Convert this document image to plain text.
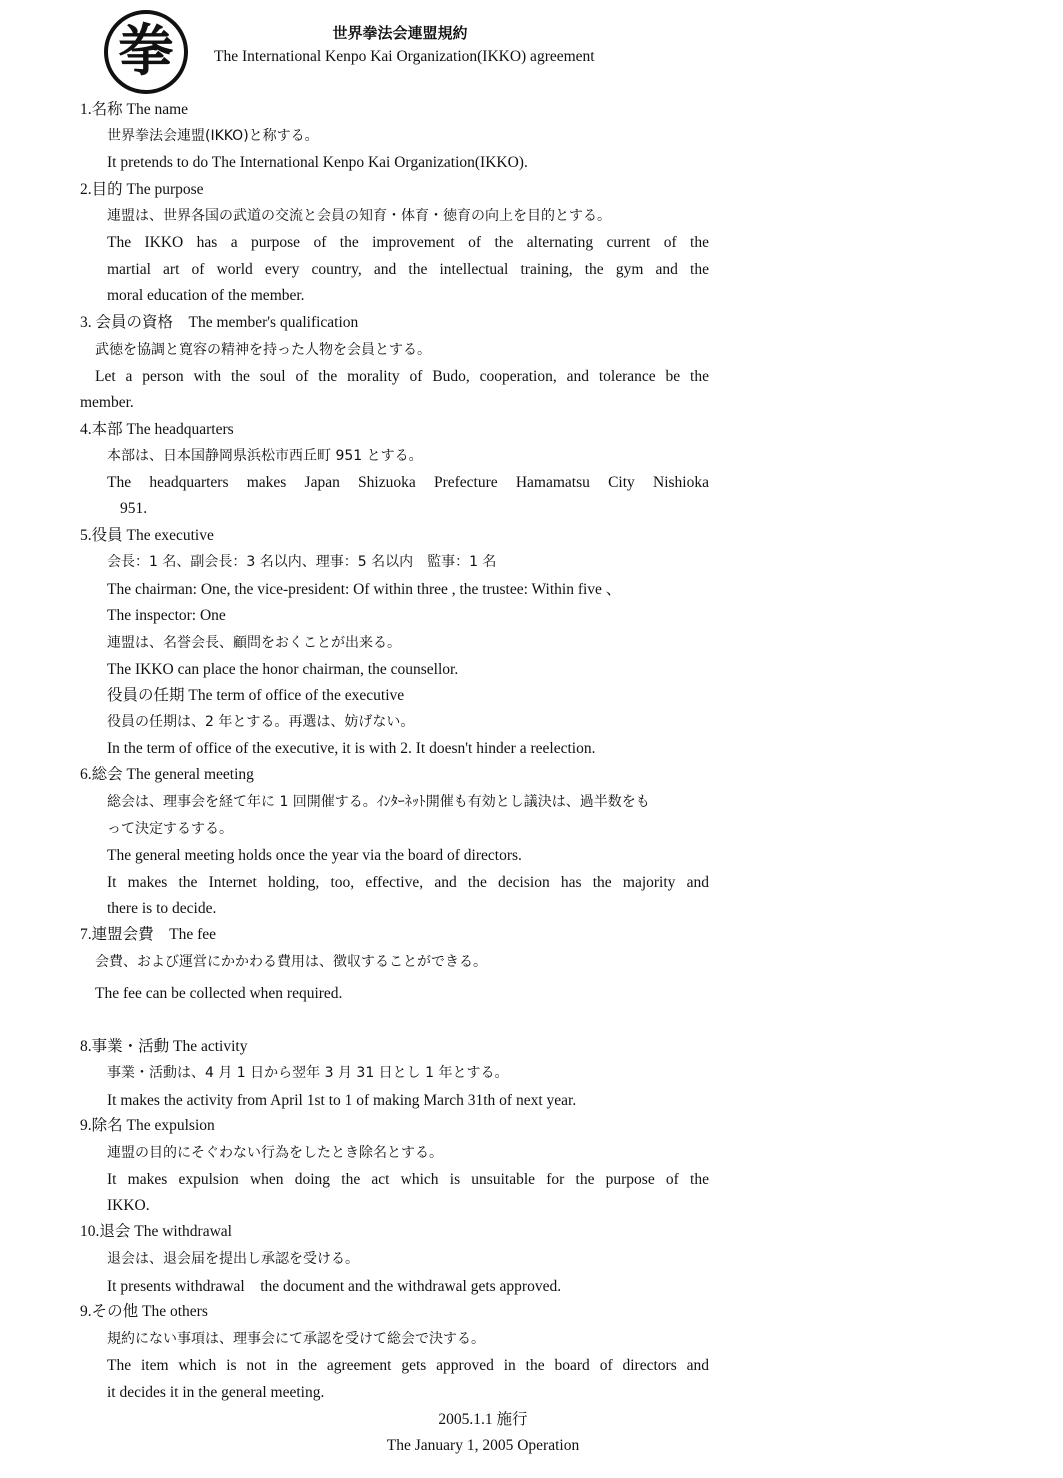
拳	世界拳法会連盟規約
The International Kenpo Kai Organization(IKKO) agreement
1.名称 The name
世界拳法会連盟(IKKO)と称する。
It pretends to do The International Kenpo Kai Organization(IKKO).
2.目的 The purpose
連盟は、世界各国の武道の交流と会員の知育・体育・徳育の向上を目的とする。
The IKKO has a purpose of the improvement of the alternating current of the
martial art of world every country, and the intellectual training, the gym and the
moral education of the member.
3. 会員の資格　The member's qualification
武徳を協調と寛容の精神を持った人物を会員とする。
Let a person with the soul of the morality of Budo, cooperation, and tolerance be the
member.
4.本部 The headquarters
本部は、日本国静岡県浜松市西丘町 951 とする。
The headquarters makes Japan Shizuoka Prefecture Hamamatsu City Nishioka
951.
5.役員 The executive
会長：1 名、副会長：3 名以内、理事：5 名以内　監事：1 名
The chairman: One, the vice-president: Of within three , the trustee: Within five 、
The inspector: One
連盟は、名誉会長、顧問をおくことが出来る。
The IKKO can place the honor chairman, the counsellor.
役員の任期 The term of office of the executive
役員の任期は、2 年とする。再選は、妨げない。
In the term of office of the executive, it is with 2. It doesn't hinder a reelection.
6.総会 The general meeting
総会は、理事会を経て年に 1 回開催する。ｲﾝﾀｰﾈｯﾄ開催も有効とし議決は、過半数をも
って決定するする。
The general meeting holds once the year via the board of directors.
It makes the Internet holding, too, effective, and the decision has the majority and
there is to decide.
7.連盟会費　The fee
会費、および運営にかかわる費用は、徴収することができる。
The fee can be collected when required.
8.事業・活動 The activity
事業・活動は、4 月 1 日から翌年 3 月 31 日とし 1 年とする。
It makes the activity from April 1st to 1 of making March 31th of next year.
9.除名 The expulsion
連盟の目的にそぐわない行為をしたとき除名とする。
It makes expulsion when doing the act which is unsuitable for the purpose of the
IKKO.
10.退会 The withdrawal
退会は、退会届を提出し承認を受ける。
It presents withdrawal　the document and the withdrawal gets approved.
9.その他 The others
規約にない事項は、理事会にて承認を受けて総会で決する。
The item which is not in the agreement gets approved in the board of directors and
it decides it in the general meeting.
2005.1.1 施行
The January 1, 2005 Operation
